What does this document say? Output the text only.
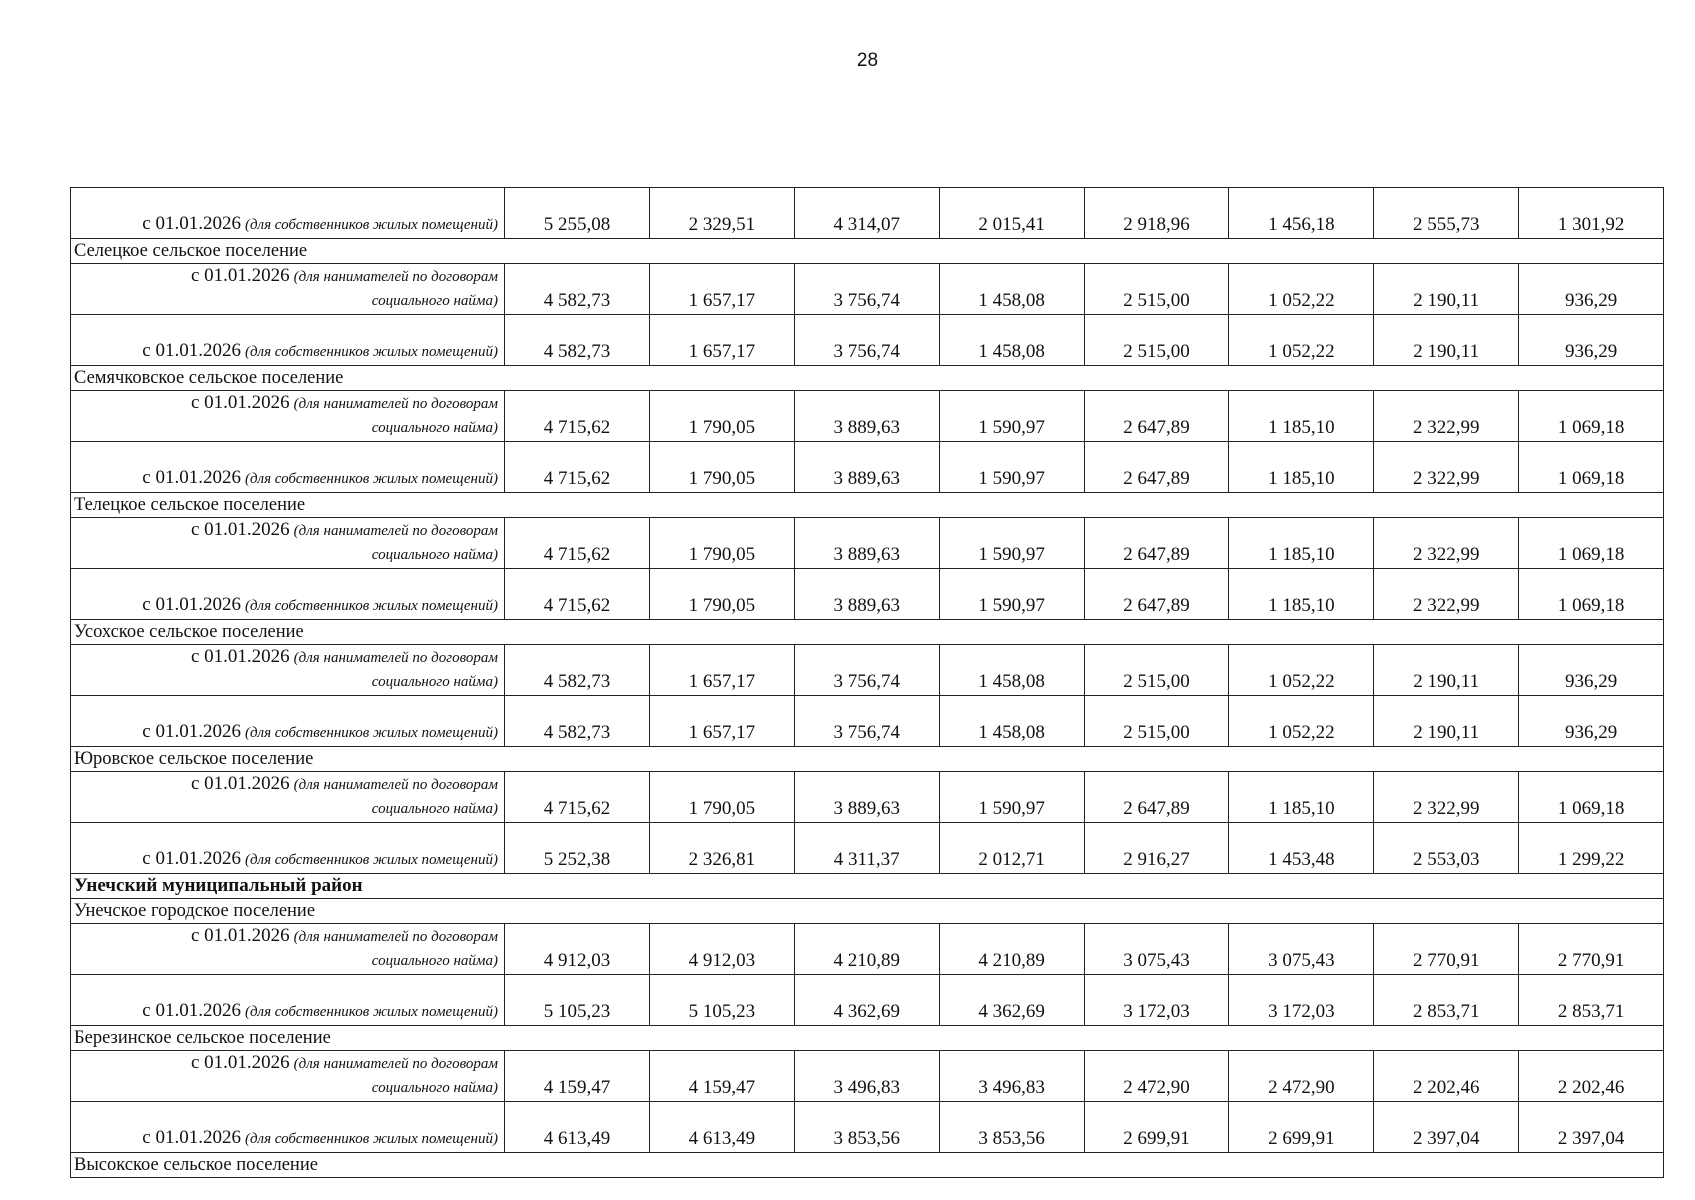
28
с 01.01.2026 (для собственников жилых помещений)	5 255,08	2 329,51	4 314,07	2 015,41	2 918,96	1 456,18	2 555,73	1 301,92
Селецкое сельское поселение								
с 01.01.2026 (для нанимателей по договорам
социального найма)	4 582,73	1 657,17	3 756,74	1 458,08	2 515,00	1 052,22	2 190,11	936,29
с 01.01.2026 (для собственников жилых помещений)	4 582,73	1 657,17	3 756,74	1 458,08	2 515,00	1 052,22	2 190,11	936,29
Семячковское сельское поселение								
с 01.01.2026 (для нанимателей по договорам
социального найма)	4 715,62	1 790,05	3 889,63	1 590,97	2 647,89	1 185,10	2 322,99	1 069,18
с 01.01.2026 (для собственников жилых помещений)	4 715,62	1 790,05	3 889,63	1 590,97	2 647,89	1 185,10	2 322,99	1 069,18
Телецкое сельское поселение								
с 01.01.2026 (для нанимателей по договорам
социального найма)	4 715,62	1 790,05	3 889,63	1 590,97	2 647,89	1 185,10	2 322,99	1 069,18
с 01.01.2026 (для собственников жилых помещений)	4 715,62	1 790,05	3 889,63	1 590,97	2 647,89	1 185,10	2 322,99	1 069,18
Усохское сельское поселение								
с 01.01.2026 (для нанимателей по договорам
социального найма)	4 582,73	1 657,17	3 756,74	1 458,08	2 515,00	1 052,22	2 190,11	936,29
с 01.01.2026 (для собственников жилых помещений)	4 582,73	1 657,17	3 756,74	1 458,08	2 515,00	1 052,22	2 190,11	936,29
Юровское сельское поселение								
с 01.01.2026 (для нанимателей по договорам
социального найма)	4 715,62	1 790,05	3 889,63	1 590,97	2 647,89	1 185,10	2 322,99	1 069,18
с 01.01.2026 (для собственников жилых помещений)	5 252,38	2 326,81	4 311,37	2 012,71	2 916,27	1 453,48	2 553,03	1 299,22
Унечский муниципальный район								
Унечское городское поселение								
с 01.01.2026 (для нанимателей по договорам
социального найма)	4 912,03	4 912,03	4 210,89	4 210,89	3 075,43	3 075,43	2 770,91	2 770,91
с 01.01.2026 (для собственников жилых помещений)	5 105,23	5 105,23	4 362,69	4 362,69	3 172,03	3 172,03	2 853,71	2 853,71
Березинское сельское поселение								
с 01.01.2026 (для нанимателей по договорам
социального найма)	4 159,47	4 159,47	3 496,83	3 496,83	2 472,90	2 472,90	2 202,46	2 202,46
с 01.01.2026 (для собственников жилых помещений)	4 613,49	4 613,49	3 853,56	3 853,56	2 699,91	2 699,91	2 397,04	2 397,04
Высокское сельское поселение								
